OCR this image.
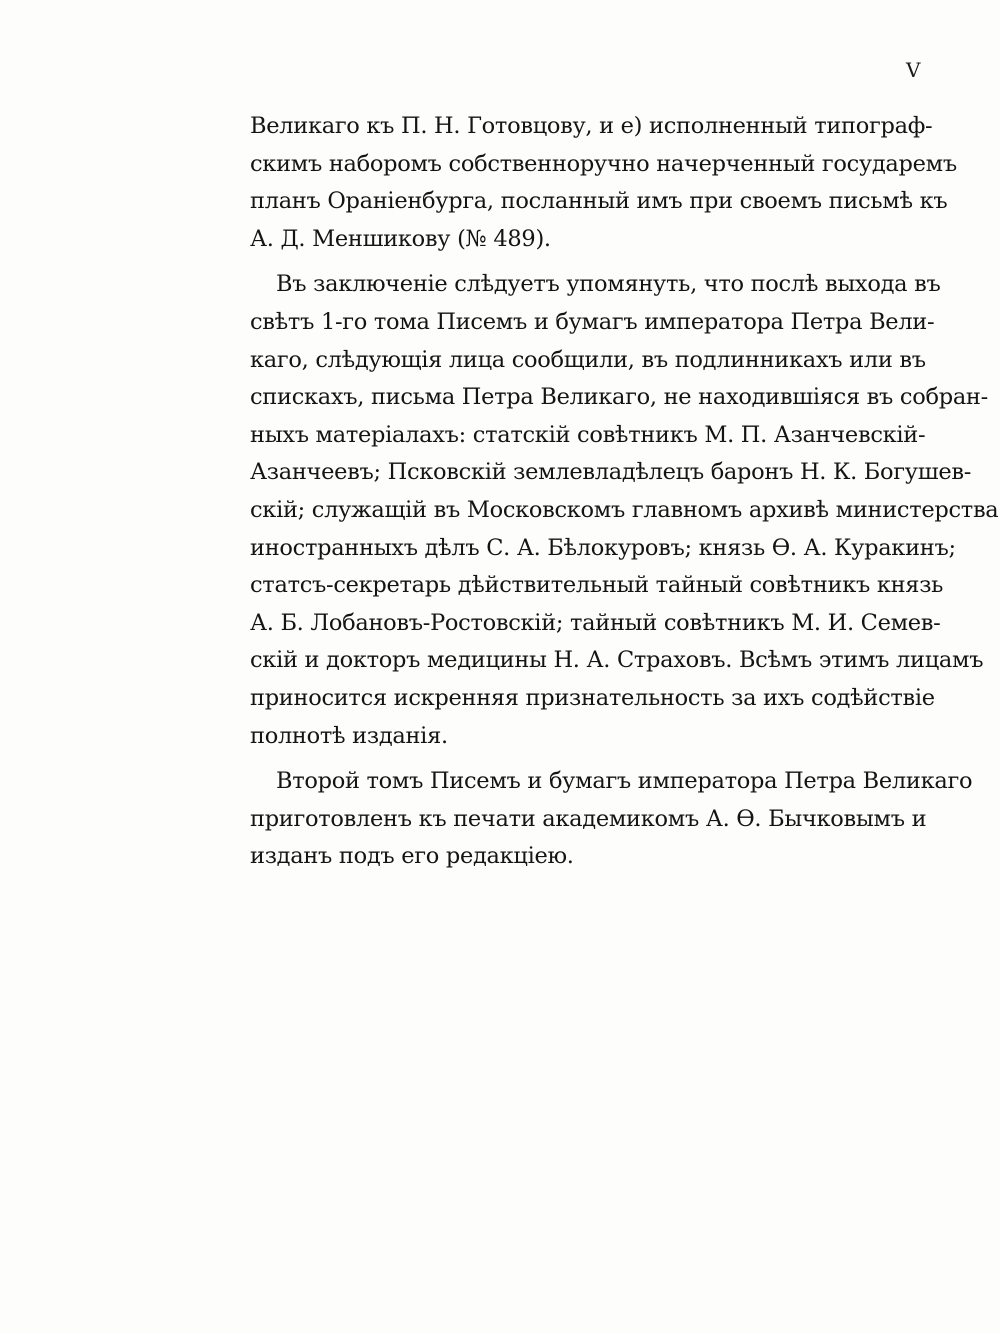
V
Великаго къ П. Н. Готовцову, и е) исполненный типограф-
скимъ наборомъ собственноручно начерченный государемъ
планъ Ораніенбурга, посланный имъ при своемъ письмѣ къ
А. Д. Меншикову (№ 489).
Въ заключеніе слѣдуетъ упомянуть, что послѣ выхода въ
свѣтъ 1-го тома Писемъ и бумагъ императора Петра Вели-
каго, слѣдующія лица сообщили, въ подлинникахъ или въ
спискахъ, письма Петра Великаго, не находившіяся въ собран-
ныхъ матеріалахъ: статскій совѣтникъ М. П. Азанчевскій-
Азанчеевъ; Псковскій землевладѣлецъ баронъ Н. К. Богушев-
скій; служащій въ Московскомъ главномъ архивѣ министерства
иностранныхъ дѣлъ С. А. Бѣлокуровъ; князь Ѳ. А. Куракинъ;
статсъ-секретарь дѣйствительный тайный совѣтникъ князь
А. Б. Лобановъ-Ростовскій; тайный совѣтникъ М. И. Семев-
скій и докторъ медицины Н. А. Страховъ. Всѣмъ этимъ лицамъ
приносится искренняя признательность за ихъ содѣйствіе
полнотѣ изданія.
Второй томъ Писемъ и бумагъ императора Петра Великаго
приготовленъ къ печати академикомъ А. Ѳ. Бычковымъ и
изданъ подъ его редакціею.
